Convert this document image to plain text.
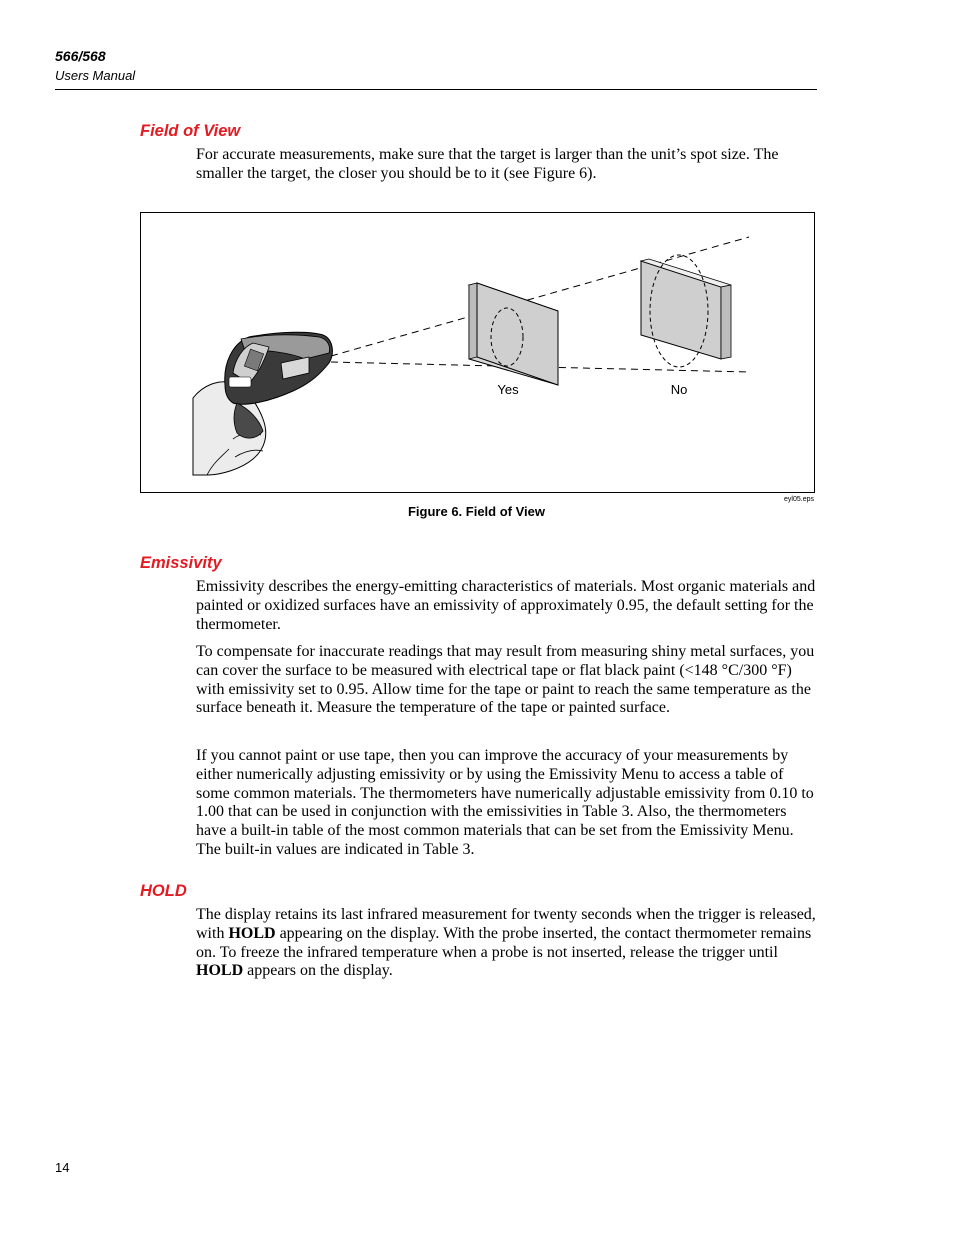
566/568
Users Manual
Field of View

For accurate measurements, make sure that the target is larger than the unit’s spot size. The smaller the target, the closer you should be to it (see Figure 6).

Yes	No
eyl05.eps
Figure 6. Field of View
Emissivity

Emissivity describes the energy-emitting characteristics of materials. Most organic materials and painted or oxidized surfaces have an emissivity of approximately 0.95, the default setting for the thermometer.

To compensate for inaccurate readings that may result from measuring shiny metal surfaces, you can cover the surface to be measured with electrical tape or flat black paint (<148 °C/300 °F) with emissivity set to 0.95. Allow time for the tape or paint to reach the same temperature as the surface beneath it. Measure the temperature of the tape or painted surface.

If you cannot paint or use tape, then you can improve the accuracy of your measurements by either numerically adjusting emissivity or by using the Emissivity Menu to access a table of some common materials. The thermometers have numerically adjustable emissivity from 0.10 to 1.00 that can be used in conjunction with the emissivities in Table 3. Also, the thermometers have a built-in table of the most common materials that can be set from the Emissivity Menu. The built-in values are indicated in Table 3.

HOLD

The display retains its last infrared measurement for twenty seconds when the trigger is released, with HOLD appearing on the display. With the probe inserted, the contact thermometer remains on. To freeze the infrared temperature when a probe is not inserted, release the trigger until HOLD appears on the display.

14
